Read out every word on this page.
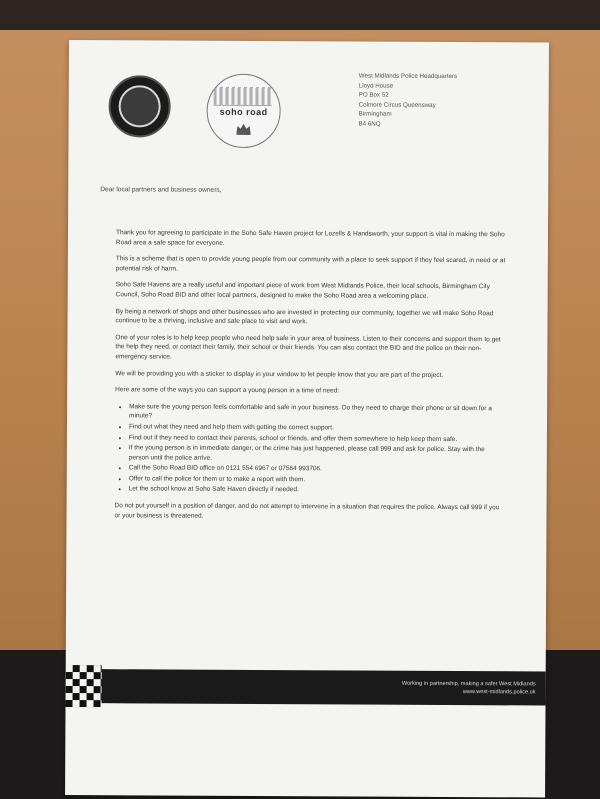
soho road
West Midlands Police Headquarters
Lloyd House
PO Box 52
Colmore Circus Queensway
Birmingham
B4 6NQ
Dear local partners and business owners,

Thank you for agreeing to participate in the Soho Safe Haven project for Lozells & Handsworth, your support is vital in making the Soho Road area a safe space for everyone.

This is a scheme that is open to provide young people from our community with a place to seek support if they feel scared, in need or at potential risk of harm.

Soho Safe Havens are a really useful and important piece of work from West Midlands Police, their local schools, Birmingham City Council, Soho Road BID and other local partners, designed to make the Soho Road area a welcoming place.

By being a network of shops and other businesses who are invested in protecting our community, together we will make Soho Road continue to be a thriving, inclusive and safe place to visit and work.

One of your roles is to help keep people who need help safe in your area of business. Listen to their concerns and support them to get the help they need, or contact their family, their school or their friends. You can also contact the BID and the police on their non-emergency service.

We will be providing you with a sticker to display in your window to let people know that you are part of the project.

Here are some of the ways you can support a young person in a time of need:

• Make sure the young person feels comfortable and safe in your business. Do they need to charge their phone or sit down for a minute?
• Find out what they need and help them with getting the correct support.
• Find out if they need to contact their parents, school or friends, and offer them somewhere to help keep them safe.
• If the young person is in immediate danger, or the crime has just happened, please call 999 and ask for police. Stay with the person until the police arrive.
• Call the Soho Road BID office on 0121 554 6967 or 07564 993706.
• Offer to call the police for them or to make a report with them.
• Let the school know at Soho Safe Haven directly if needed.

Do not put yourself in a position of danger, and do not attempt to intervene in a situation that requires the police. Always call 999 if you or your business is threatened.

Working in partnership, making a safer West Midlands
www.west-midlands.police.uk
